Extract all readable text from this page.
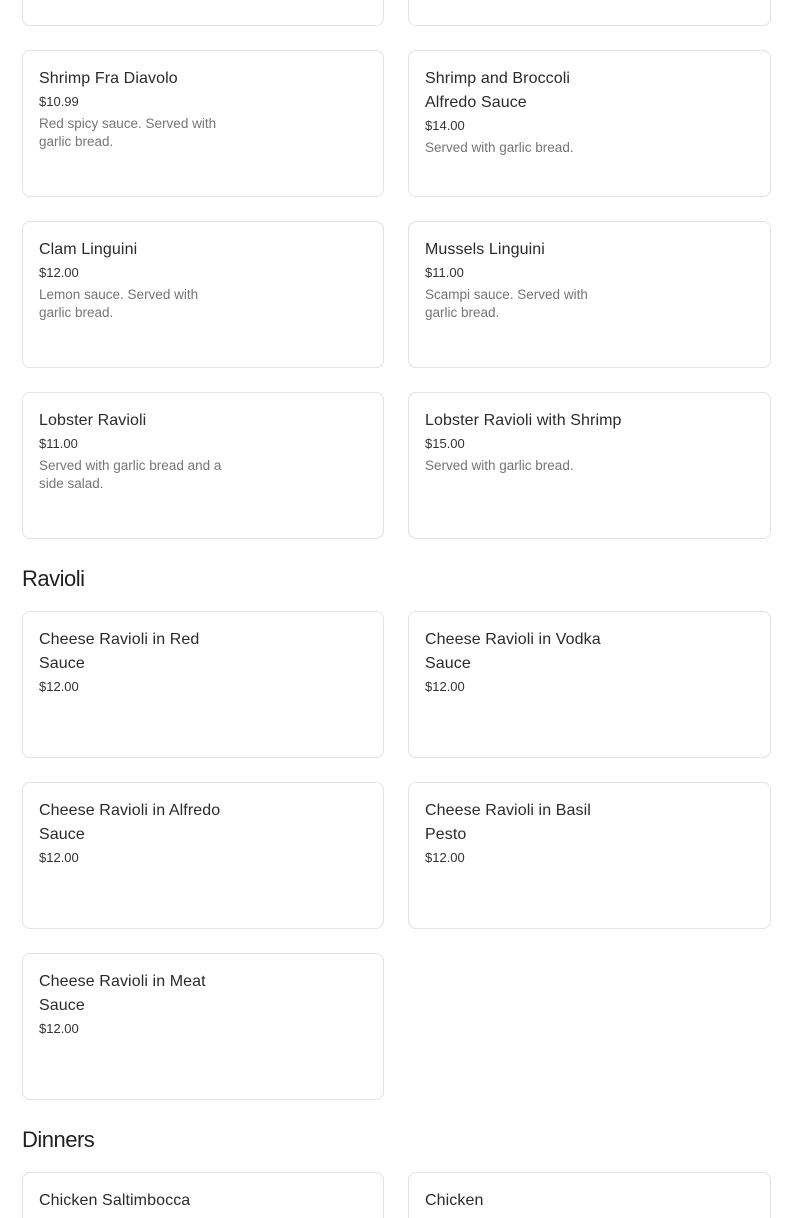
Shrimp Fra Diavolo

$10.99

Red spicy sauce. Served with garlic bread.

Shrimp and Broccoli Alfredo Sauce

$14.00

Served with garlic bread.

Clam Linguini

$12.00

Lemon sauce. Served with garlic bread.

Mussels Linguini

$11.00

Scampi sauce. Served with garlic bread.

Lobster Ravioli

$11.00

Served with garlic bread and a side salad.

Lobster Ravioli with Shrimp

$15.00

Served with garlic bread.

Ravioli

Cheese Ravioli in Red Sauce

$12.00

Cheese Ravioli in Vodka Sauce

$12.00

Cheese Ravioli in Alfredo Sauce

$12.00

Cheese Ravioli in Basil Pesto

$12.00

Cheese Ravioli in Meat Sauce

$12.00

Dinners

Chicken Saltimbocca	Chicken
